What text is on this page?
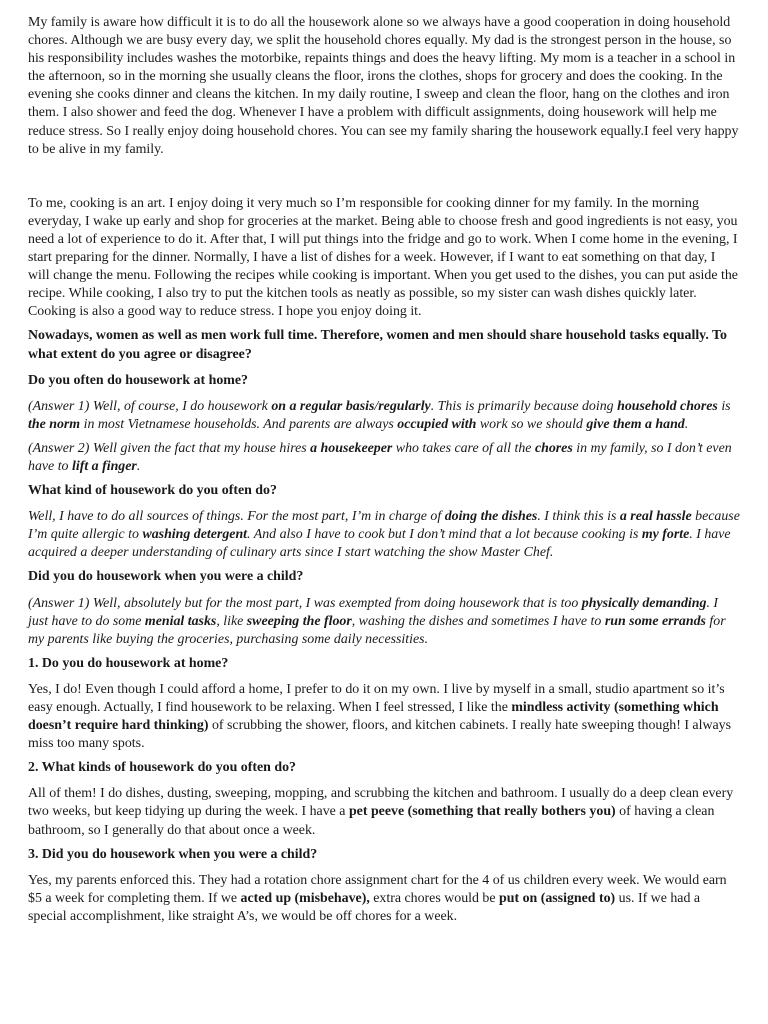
My family is aware how difficult it is to do all the housework alone so we always have a good cooperation in doing household chores. Although we are busy every day, we split the household chores equally. My dad is the strongest person in the house, so his responsibility includes washes the motorbike, repaints things and does the heavy lifting. My mom is a teacher in a school in the afternoon, so in the morning she usually cleans the floor, irons the clothes, shops for grocery and does the cooking. In the evening she cooks dinner and cleans the kitchen. In my daily routine, I sweep and clean the floor, hang on the clothes and iron them. I also shower and feed the dog. Whenever I have a problem with difficult assignments, doing housework will help me reduce stress. So I really enjoy doing household chores. You can see my family sharing the housework equally.I feel very happy to be alive in my family.

To me, cooking is an art. I enjoy doing it very much so I’m responsible for cooking dinner for my family. In the morning everyday, I wake up early and shop for groceries at the market. Being able to choose fresh and good ingredients is not easy, you need a lot of experience to do it. After that, I will put things into the fridge and go to work. When I come home in the evening, I start preparing for the dinner. Normally, I have a list of dishes for a week. However, if I want to eat something on that day, I will change the menu. Following the recipes while cooking is important. When you get used to the dishes, you can put aside the recipe. While cooking, I also try to put the kitchen tools as neatly as possible, so my sister can wash dishes quickly later. Cooking is also a good way to reduce stress. I hope you enjoy doing it.

Nowadays, women as well as men work full time. Therefore, women and men should share household tasks equally. To what extent do you agree or disagree?

Do you often do housework at home?

(Answer 1) Well, of course, I do housework on a regular basis/regularly. This is primarily because doing household chores is the norm in most Vietnamese households. And parents are always occupied with work so we should give them a hand.

(Answer 2) Well given the fact that my house hires a housekeeper who takes care of all the chores in my family, so I don’t even have to lift a finger.

What kind of housework do you often do?

Well, I have to do all sources of things. For the most part, I’m in charge of doing the dishes. I think this is a real hassle because I’m quite allergic to washing detergent. And also I have to cook but I don’t mind that a lot because cooking is my forte. I have acquired a deeper understanding of culinary arts since I start watching the show Master Chef.

Did you do housework when you were a child?

(Answer 1) Well, absolutely but for the most part, I was exempted from doing housework that is too physically demanding. I just have to do some menial tasks, like sweeping the floor, washing the dishes and sometimes I have to run some errands for my parents like buying the groceries, purchasing some daily necessities.

1. Do you do housework at home?

Yes, I do! Even though I could afford a home, I prefer to do it on my own. I live by myself in a small, studio apartment so it’s easy enough. Actually, I find housework to be relaxing. When I feel stressed, I like the mindless activity (something which doesn’t require hard thinking) of scrubbing the shower, floors, and kitchen cabinets. I really hate sweeping though! I always miss too many spots.

2. What kinds of housework do you often do?

All of them! I do dishes, dusting, sweeping, mopping, and scrubbing the kitchen and bathroom. I usually do a deep clean every two weeks, but keep tidying up during the week. I have a pet peeve (something that really bothers you) of having a clean bathroom, so I generally do that about once a week.

3. Did you do housework when you were a child?

Yes, my parents enforced this. They had a rotation chore assignment chart for the 4 of us children every week. We would earn $5 a week for completing them. If we acted up (misbehave), extra chores would be put on (assigned to) us. If we had a special accomplishment, like straight A’s, we would be off chores for a week.
